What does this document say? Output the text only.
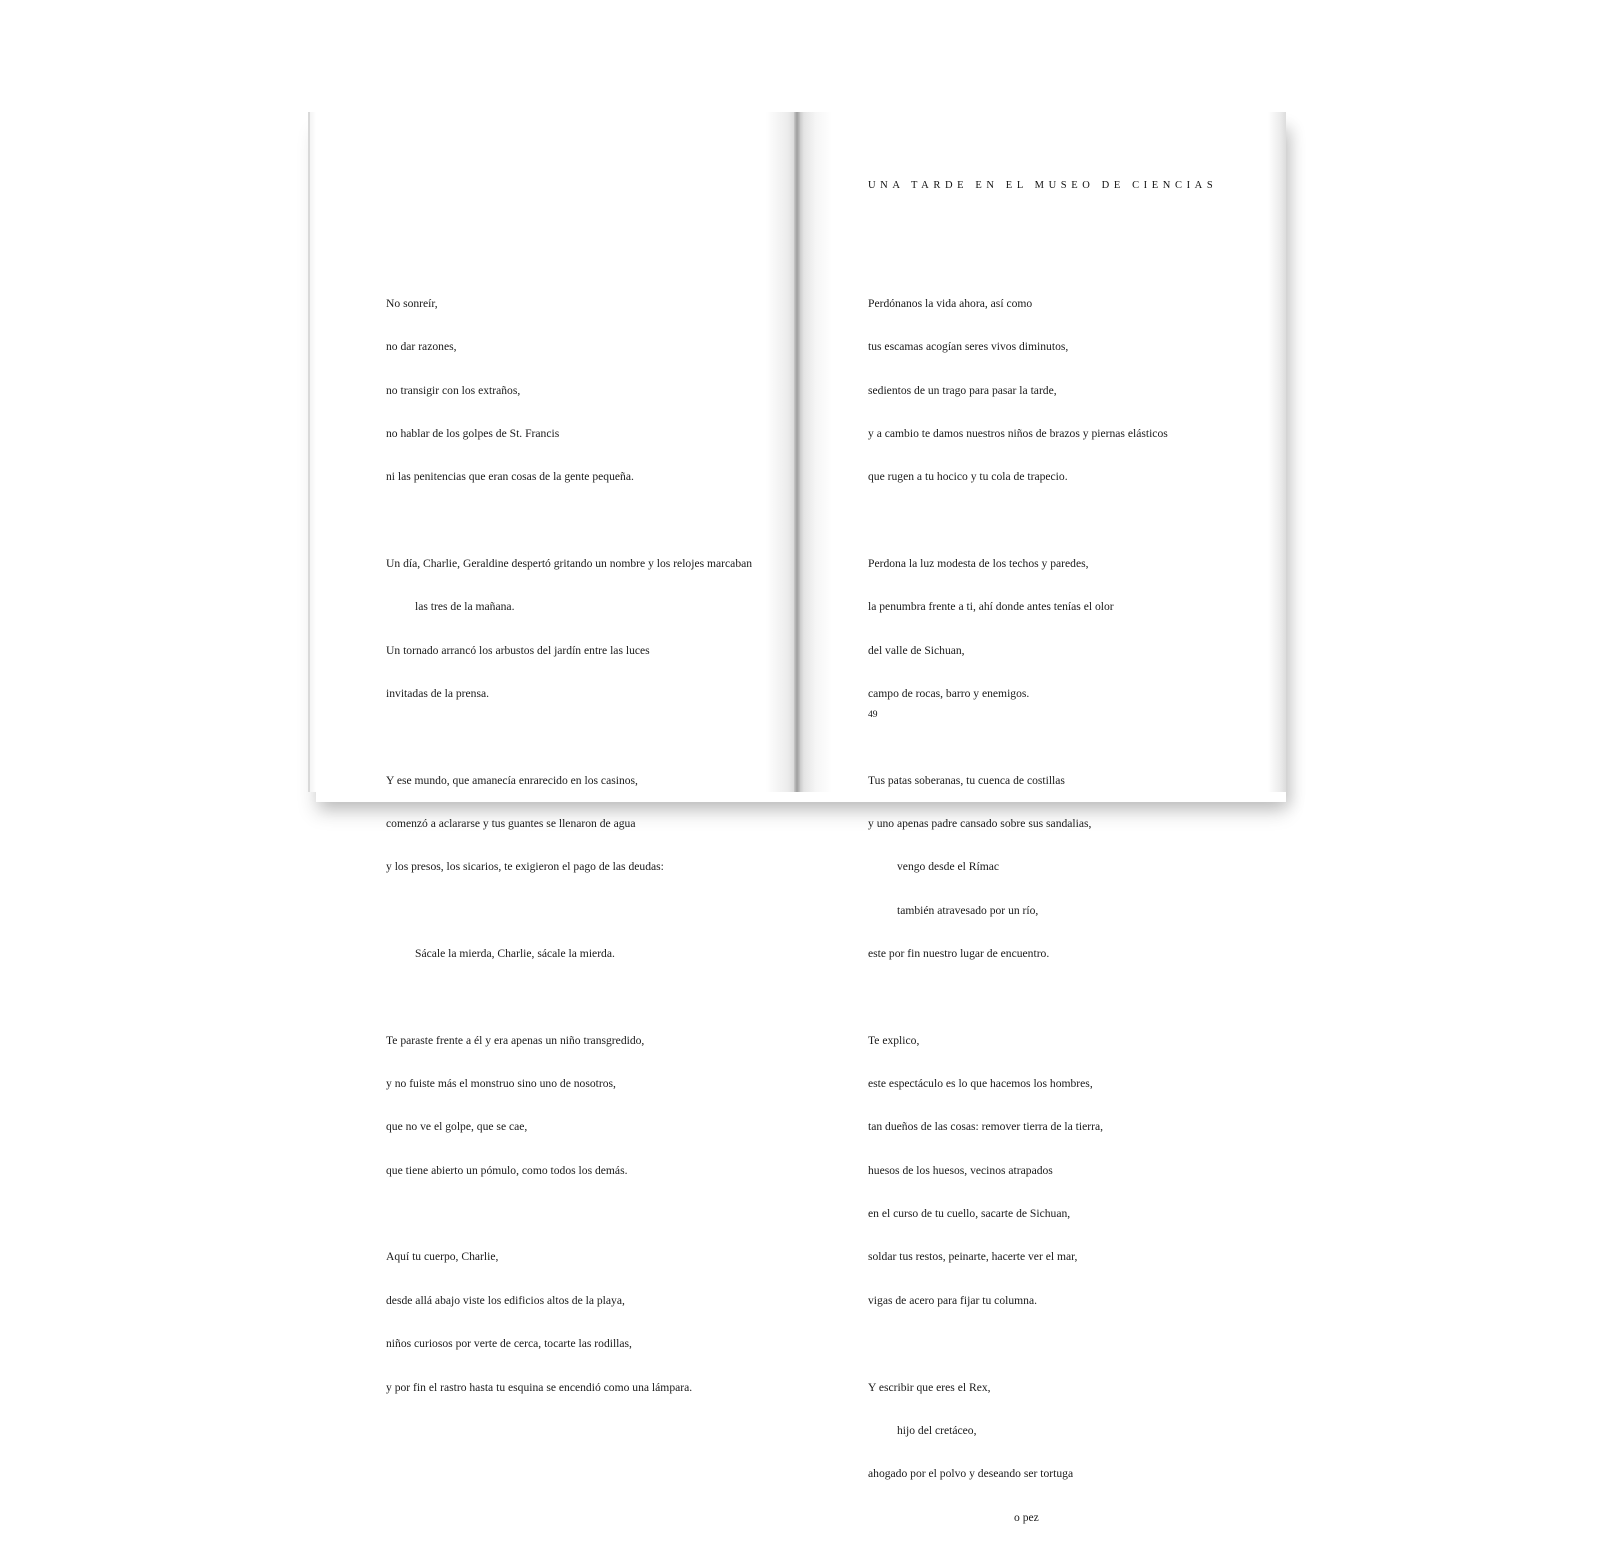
No sonreír,

no dar razones,

no transigir con los extraños,

no hablar de los golpes de St. Francis

ni las penitencias que eran cosas de la gente pequeña.

Un día, Charlie, Geraldine despertó gritando un nombre y los relojes marcaban

las tres de la mañana.

Un tornado arrancó los arbustos del jardín entre las luces

invitadas de la prensa.

Y ese mundo, que amanecía enrarecido en los casinos,

comenzó a aclararse y tus guantes se llenaron de agua

y los presos, los sicarios, te exigieron el pago de las deudas:

Sácale la mierda, Charlie, sácale la mierda.

Te paraste frente a él y era apenas un niño transgredido,

y no fuiste más el monstruo sino uno de nosotros,

que no ve el golpe, que se cae,

que tiene abierto un pómulo, como todos los demás.

Aquí tu cuerpo, Charlie,

desde allá abajo viste los edificios altos de la playa,

niños curiosos por verte de cerca, tocarte las rodillas,

y por fin el rastro hasta tu esquina se encendió como una lámpara.

UNA TARDE EN EL MUSEO DE CIENCIAS

Perdónanos la vida ahora, así como

tus escamas acogían seres vivos diminutos,

sedientos de un trago para pasar la tarde,

y a cambio te damos nuestros niños de brazos y piernas elásticos

que rugen a tu hocico y tu cola de trapecio.

Perdona la luz modesta de los techos y paredes,

la penumbra frente a ti, ahí donde antes tenías el olor

del valle de Sichuan,

campo de rocas, barro y enemigos.

Tus patas soberanas, tu cuenca de costillas

y uno apenas padre cansado sobre sus sandalias,

vengo desde el Rímac

también atravesado por un río,

este por fin nuestro lugar de encuentro.

Te explico,

este espectáculo es lo que hacemos los hombres,

tan dueños de las cosas: remover tierra de la tierra,

huesos de los huesos, vecinos atrapados

en el curso de tu cuello, sacarte de Sichuan,

soldar tus restos, peinarte, hacerte ver el mar,

vigas de acero para fijar tu columna.

Y escribir que eres el Rex,

hijo del cretáceo,

ahogado por el polvo y deseando ser tortuga

o pez

49
